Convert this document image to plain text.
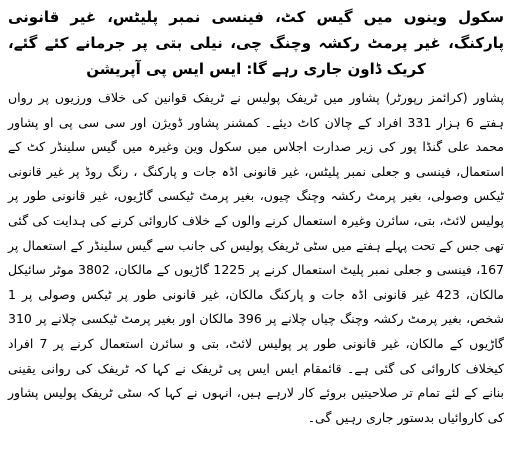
سکول وینوں میں گیس کٹ، فینسی نمبر پلیٹس، غیر قانونی پارکنگ، غیر پرمٹ رکشہ وچنگ چی، نیلی بتی پر جرمانے کئے گئے، کریک ڈاون جاری رہے گا: ایس ایس پی آپریشن

پشاور (کرائمز رپورٹر) پشاور میں ٹریفک پولیس نے ٹریفک قوانین کی خلاف ورزیوں پر رواں ہفتے 6 ہزار 331 افراد کے چالان کاٹ دیئے۔ کمشنر پشاور ڈویژن اور سی سی پی او پشاور محمد علی گنڈا پور کی زیر صدارت اجلاس میں سکول وین وغیرہ میں گیس سلینڈر کٹ کے استعمال، فینسی و جعلی نمبر پلیٹس، غیر قانونی اڈہ جات و پارکنگ ، رنگ روڈ پر غیر قانونی ٹیکس وصولی، بغیر پرمٹ رکشہ وچنگ چیوں، بغیر پرمٹ ٹیکسی گاڑیوں، غیر قانونی طور پر پولیس لائٹ، بتی، سائرن وغیرہ استعمال کرنے والوں کے خلاف کاروائی کرنے کی ہدایت کی گئی تھی جس کے تحت پہلے ہفتے میں سٹی ٹریفک پولیس کی جانب سے گیس سلینڈر کے استعمال پر 167، فینسی و جعلی نمبر پلیٹ استعمال کرنے پر 1225 گاڑیوں کے مالکان، 3802 موٹر سائیکل مالکان، 423 غیر قانونی اڈہ جات و پارکنگ مالکان، غیر قانونی طور پر ٹیکس وصولی پر 1 شخص، بغیر پرمٹ رکشہ وچنگ چیاں چلانے پر 396 مالکان اور بغیر پرمٹ ٹیکسی چلانے پر 310 گاڑیوں کے مالکان، غیر قانونی طور پر پولیس لائٹ، بتی و سائرن استعمال کرنے پر 7 افراد کیخلاف کاروائی کی گئی ہے۔ قائمقام ایس ایس پی ٹریفک نے کہا کہ ٹریفک کی روانی یقینی بنانے کے لئے تمام تر صلاحیتیں بروئے کار لارہے ہیں، انہوں نے کہا کہ سٹی ٹریفک پولیس پشاور کی کاروائیاں بدستور جاری رہیں گی۔
